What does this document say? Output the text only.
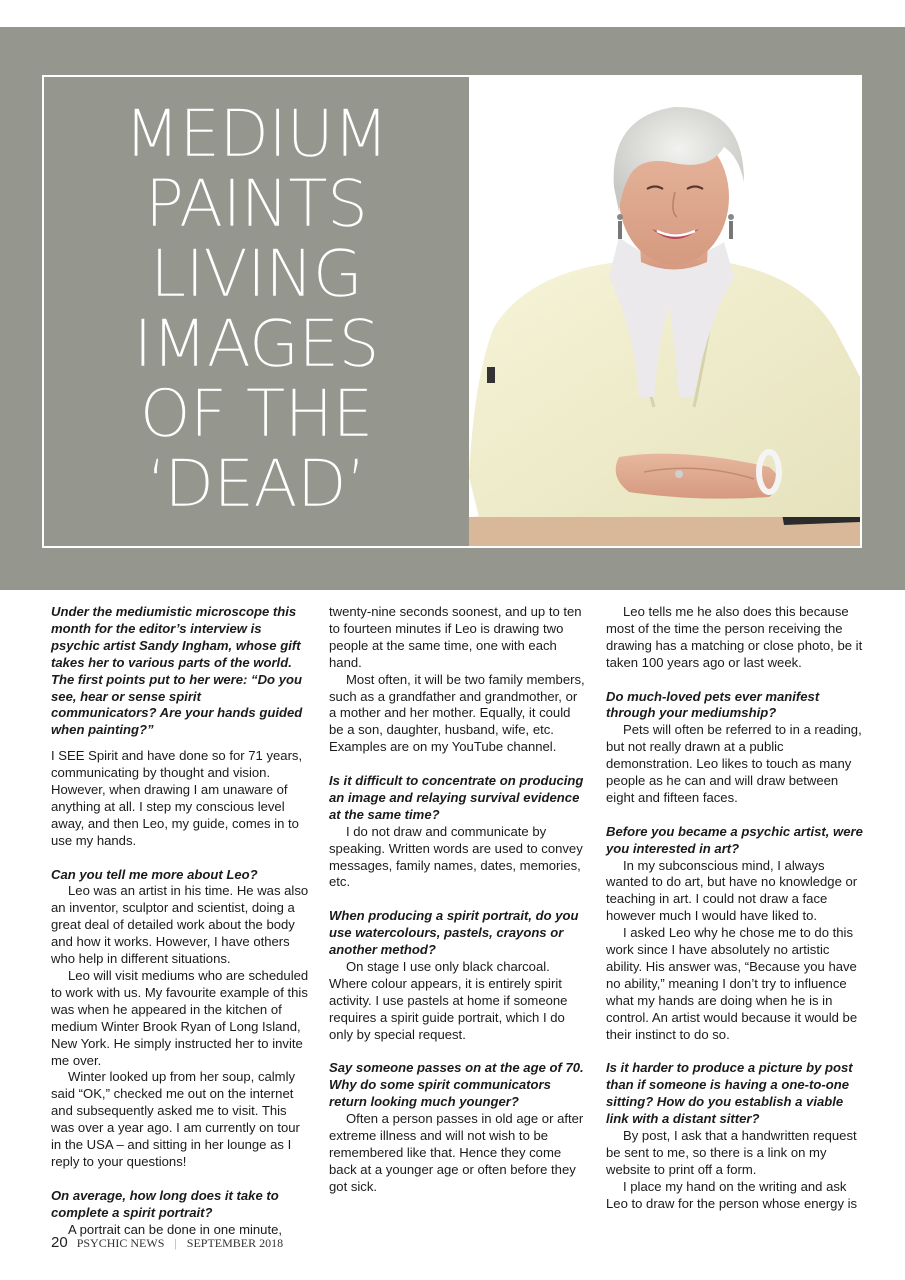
MEDIUM
PAINTS
LIVING
IMAGES
OF THE
‘DEAD’

Under the mediumistic microscope this month for the editor’s interview is psychic artist Sandy Ingham, whose gift takes her to various parts of the world. The first points put to her were: “Do you see, hear or sense spirit communicators? Are your hands guided when painting?”

I SEE Spirit and have done so for 71 years, communicating by thought and vision. However, when drawing I am unaware of anything at all. I step my conscious level away, and then Leo, my guide, comes in to use my hands.

Can you tell me more about Leo?

Leo was an artist in his time. He was also an inventor, sculptor and scientist, doing a great deal of detailed work about the body and how it works. However, I have others who help in different situations.

Leo will visit mediums who are scheduled to work with us. My favourite example of this was when he appeared in the kitchen of medium Winter Brook Ryan of Long Island, New York. He simply instructed her to invite me over.

Winter looked up from her soup, calmly said “OK,” checked me out on the internet and subsequently asked me to visit. This was over a year ago. I am currently on tour in the USA – and sitting in her lounge as I reply to your questions!

On average, how long does it take to complete a spirit portrait?

A portrait can be done in one minute,

twenty-nine seconds soonest, and up to ten to fourteen minutes if Leo is drawing two people at the same time, one with each hand.

Most often, it will be two family members, such as a grandfather and grandmother, or a mother and her mother. Equally, it could be a son, daughter, husband, wife, etc. Examples are on my YouTube channel.

Is it difficult to concentrate on producing an image and relaying survival evidence at the same time?

I do not draw and communicate by speaking. Written words are used to convey messages, family names, dates, memories, etc.

When producing a spirit portrait, do you use watercolours, pastels, crayons or another method?

On stage I use only black charcoal. Where colour appears, it is entirely spirit activity. I use pastels at home if someone requires a spirit guide portrait, which I do only by special request.

Say someone passes on at the age of 70. Why do some spirit communicators return looking much younger?

Often a person passes in old age or after extreme illness and will not wish to be remembered like that. Hence they come back at a younger age or often before they got sick.

Leo tells me he also does this because most of the time the person receiving the drawing has a matching or close photo, be it taken 100 years ago or last week.

Do much-loved pets ever manifest through your mediumship?

Pets will often be referred to in a reading, but not really drawn at a public demonstration. Leo likes to touch as many people as he can and will draw between eight and fifteen faces.

Before you became a psychic artist, were you interested in art?

In my subconscious mind, I always wanted to do art, but have no knowledge or teaching in art. I could not draw a face however much I would have liked to.

I asked Leo why he chose me to do this work since I have absolutely no artistic ability. His answer was, “Because you have no ability,” meaning I don’t try to influence what my hands are doing when he is in control. An artist would because it would be their instinct to do so.

Is it harder to produce a picture by post than if someone is having a one-to-one sitting? How do you establish a viable link with a distant sitter?

By post, I ask that a handwritten request be sent to me, so there is a link on my website to print off a form.

I place my hand on the writing and ask Leo to draw for the person whose energy is

20 PSYCHIC NEWS | SEPTEMBER 2018
